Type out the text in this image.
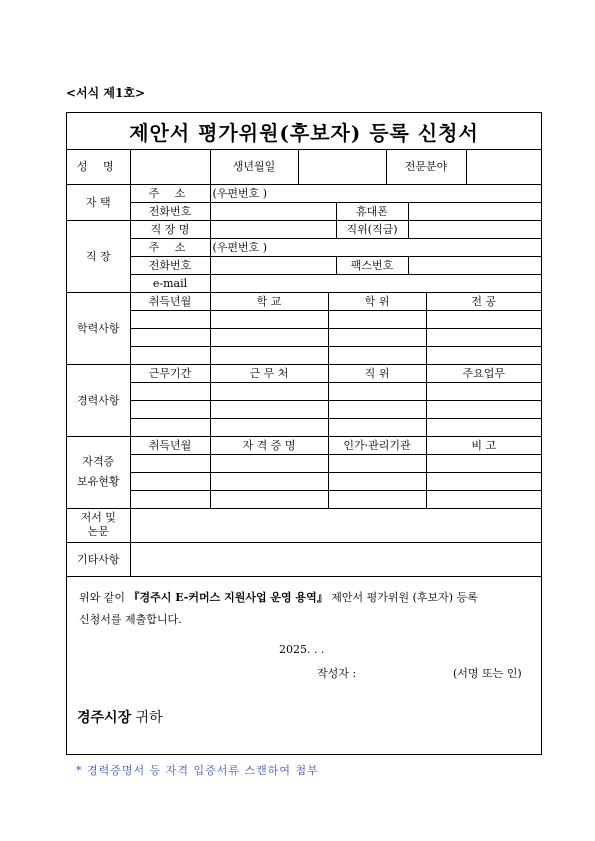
<서식 제1호>
제안서 평가위원(후보자) 등록 신청서
성 명		생년월일		전문분야	
자 택	주 소	(우편번호 )		
	전화번호		휴대폰	
직 장	직 장 명		직위(직급)	
	주 소	(우편번호 )		
	전화번호		팩스번호	
	e-mail			
학력사항	취득년월	학 교	학 위	전 공

경력사항	근무기간	근 무 처	직 위	주요업무

자격증
보유현황	취득년월	자 격 증 명	인가·관리기관	비 고

저서 및
논문	

기타사항	
위와 같이 『경주시 E-커머스 지원사업 운영 용역』 제안서 평가위원 (후보자) 등록
신청서를 제출합니다.
2025. . .
작성자 :	(서명 또는 인)
경주시장 귀하
* 경력증명서 등 자격 입증서류 스캔하여 첨부
